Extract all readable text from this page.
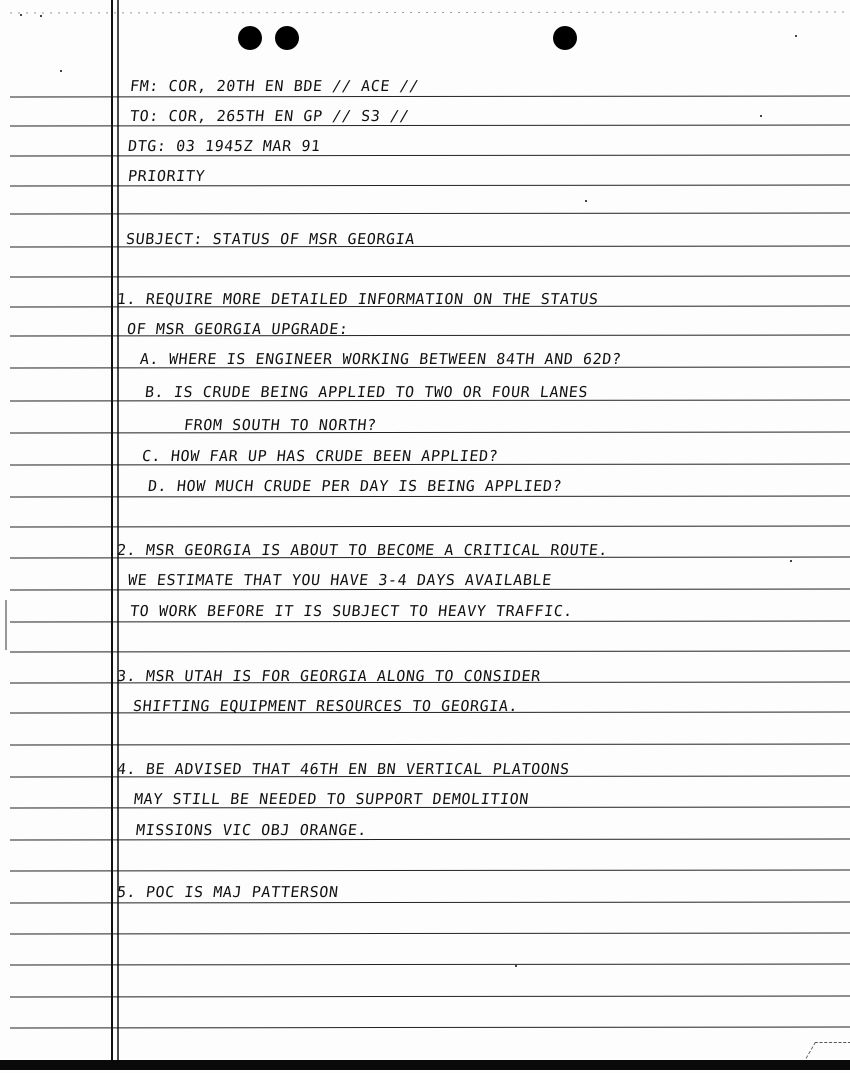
FM: COR, 20TH EN BDE // ACE //
TO: COR, 265TH EN GP // S3 //
DTG: 03 1945Z MAR 91
PRIORITY
SUBJECT: STATUS OF MSR GEORGIA
1. REQUIRE MORE DETAILED INFORMATION ON THE STATUS
OF MSR GEORGIA UPGRADE:
A. WHERE IS ENGINEER WORKING BETWEEN 84TH AND 62D?
B. IS CRUDE BEING APPLIED TO TWO OR FOUR LANES
FROM SOUTH TO NORTH?
C. HOW FAR UP HAS CRUDE BEEN APPLIED?
D. HOW MUCH CRUDE PER DAY IS BEING APPLIED?
2. MSR GEORGIA IS ABOUT TO BECOME A CRITICAL ROUTE.
WE ESTIMATE THAT YOU HAVE 3-4 DAYS AVAILABLE
TO WORK BEFORE IT IS SUBJECT TO HEAVY TRAFFIC.
3. MSR UTAH IS FOR GEORGIA ALONG TO CONSIDER
SHIFTING EQUIPMENT RESOURCES TO GEORGIA.
4. BE ADVISED THAT 46TH EN BN VERTICAL PLATOONS
MAY STILL BE NEEDED TO SUPPORT DEMOLITION
MISSIONS VIC OBJ ORANGE.
5. POC IS MAJ PATTERSON
